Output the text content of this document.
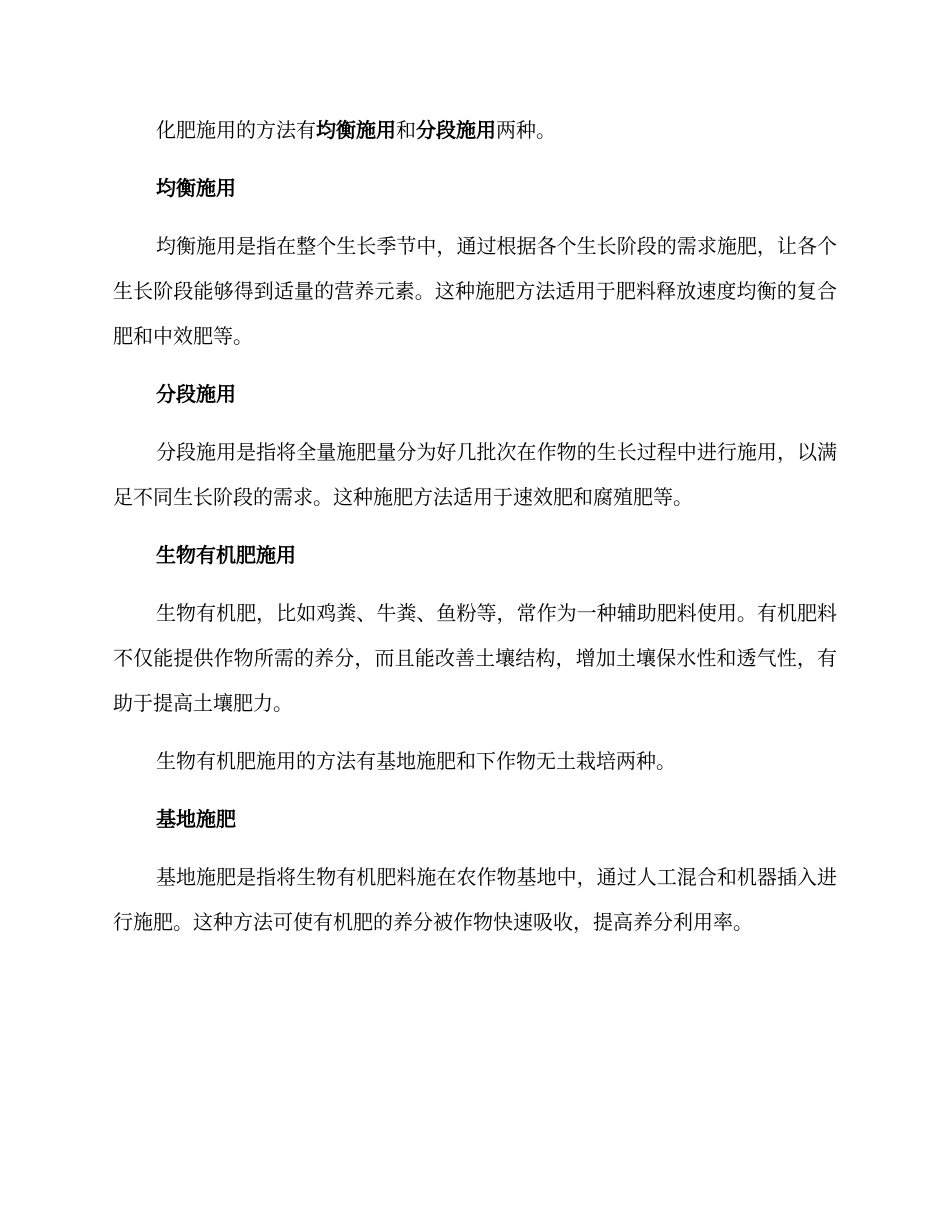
化肥施用的方法有均衡施用和分段施用两种。

均衡施用

均衡施用是指在整个生长季节中，通过根据各个生长阶段的需求施肥，让各个生长阶段能够得到适量的营养元素。这种施肥方法适用于肥料释放速度均衡的复合肥和中效肥等。

分段施用

分段施用是指将全量施肥量分为好几批次在作物的生长过程中进行施用，以满足不同生长阶段的需求。这种施肥方法适用于速效肥和腐殖肥等。

生物有机肥施用

生物有机肥，比如鸡粪、牛粪、鱼粉等，常作为一种辅助肥料使用。有机肥料不仅能提供作物所需的养分，而且能改善土壤结构，增加土壤保水性和透气性，有助于提高土壤肥力。

生物有机肥施用的方法有基地施肥和下作物无土栽培两种。

基地施肥

基地施肥是指将生物有机肥料施在农作物基地中，通过人工混合和机器插入进行施肥。这种方法可使有机肥的养分被作物快速吸收，提高养分利用率。
